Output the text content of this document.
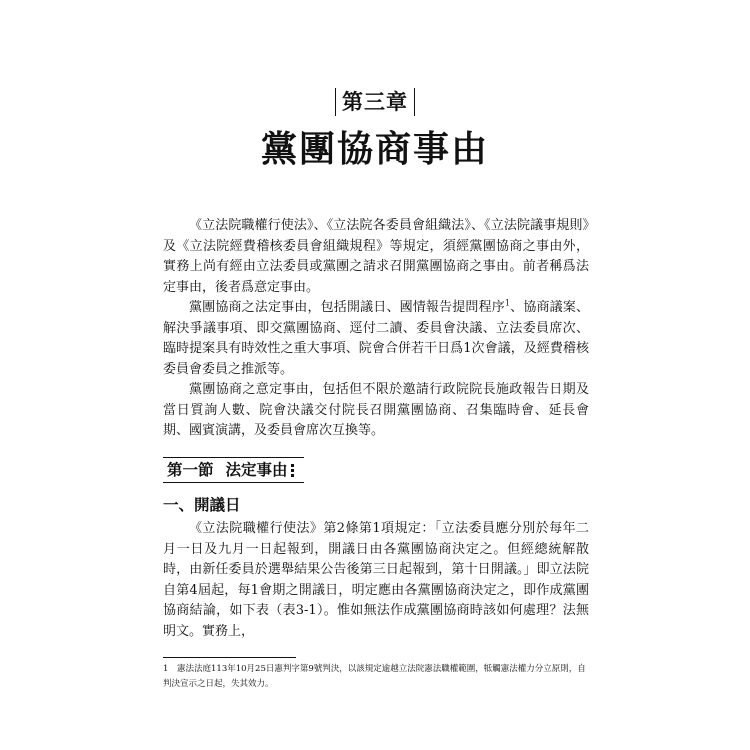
第三章
黨團協商事由

《立法院職權行使法》、《立法院各委員會組織法》、《立法院議事規則》及《立法院經費稽核委員會組織規程》等規定，須經黨團協商之事由外，實務上尚有經由立法委員或黨團之請求召開黨團協商之事由。前者稱爲法定事由，後者爲意定事由。

黨團協商之法定事由，包括開議日、國情報告提問程序$^1$、協商議案、解決爭議事項、即交黨團協商、逕付二讀、委員會決議、立法委員席次、臨時提案具有時效性之重大事項、院會合併若干日爲1次會議，及經費稽核委員會委員之推派等。

黨團協商之意定事由，包括但不限於邀請行政院院長施政報告日期及當日質詢人數、院會決議交付院長召開黨團協商、召集臨時會、延長會期、國賓演講，及委員會席次互換等。

第一節 法定事由
一、開議日

《立法院職權行使法》第2條第1項規定：「立法委員應分別於每年二月一日及九月一日起報到，開議日由各黨團協商決定之。但經總統解散時，由新任委員於選舉結果公告後第三日起報到，第十日開議。」即立法院自第4屆起，每1會期之開議日，明定應由各黨團協商決定之，即作成黨團協商結論，如下表（表3-1）。惟如無法作成黨團協商時該如何處理？法無明文。實務上，

1 憲法法庭113年10月25日憲判字第9號判決，以該規定逾越立法院憲法職權範圍，牴觸憲法權力分立原則，自判決宣示之日起，失其效力。
